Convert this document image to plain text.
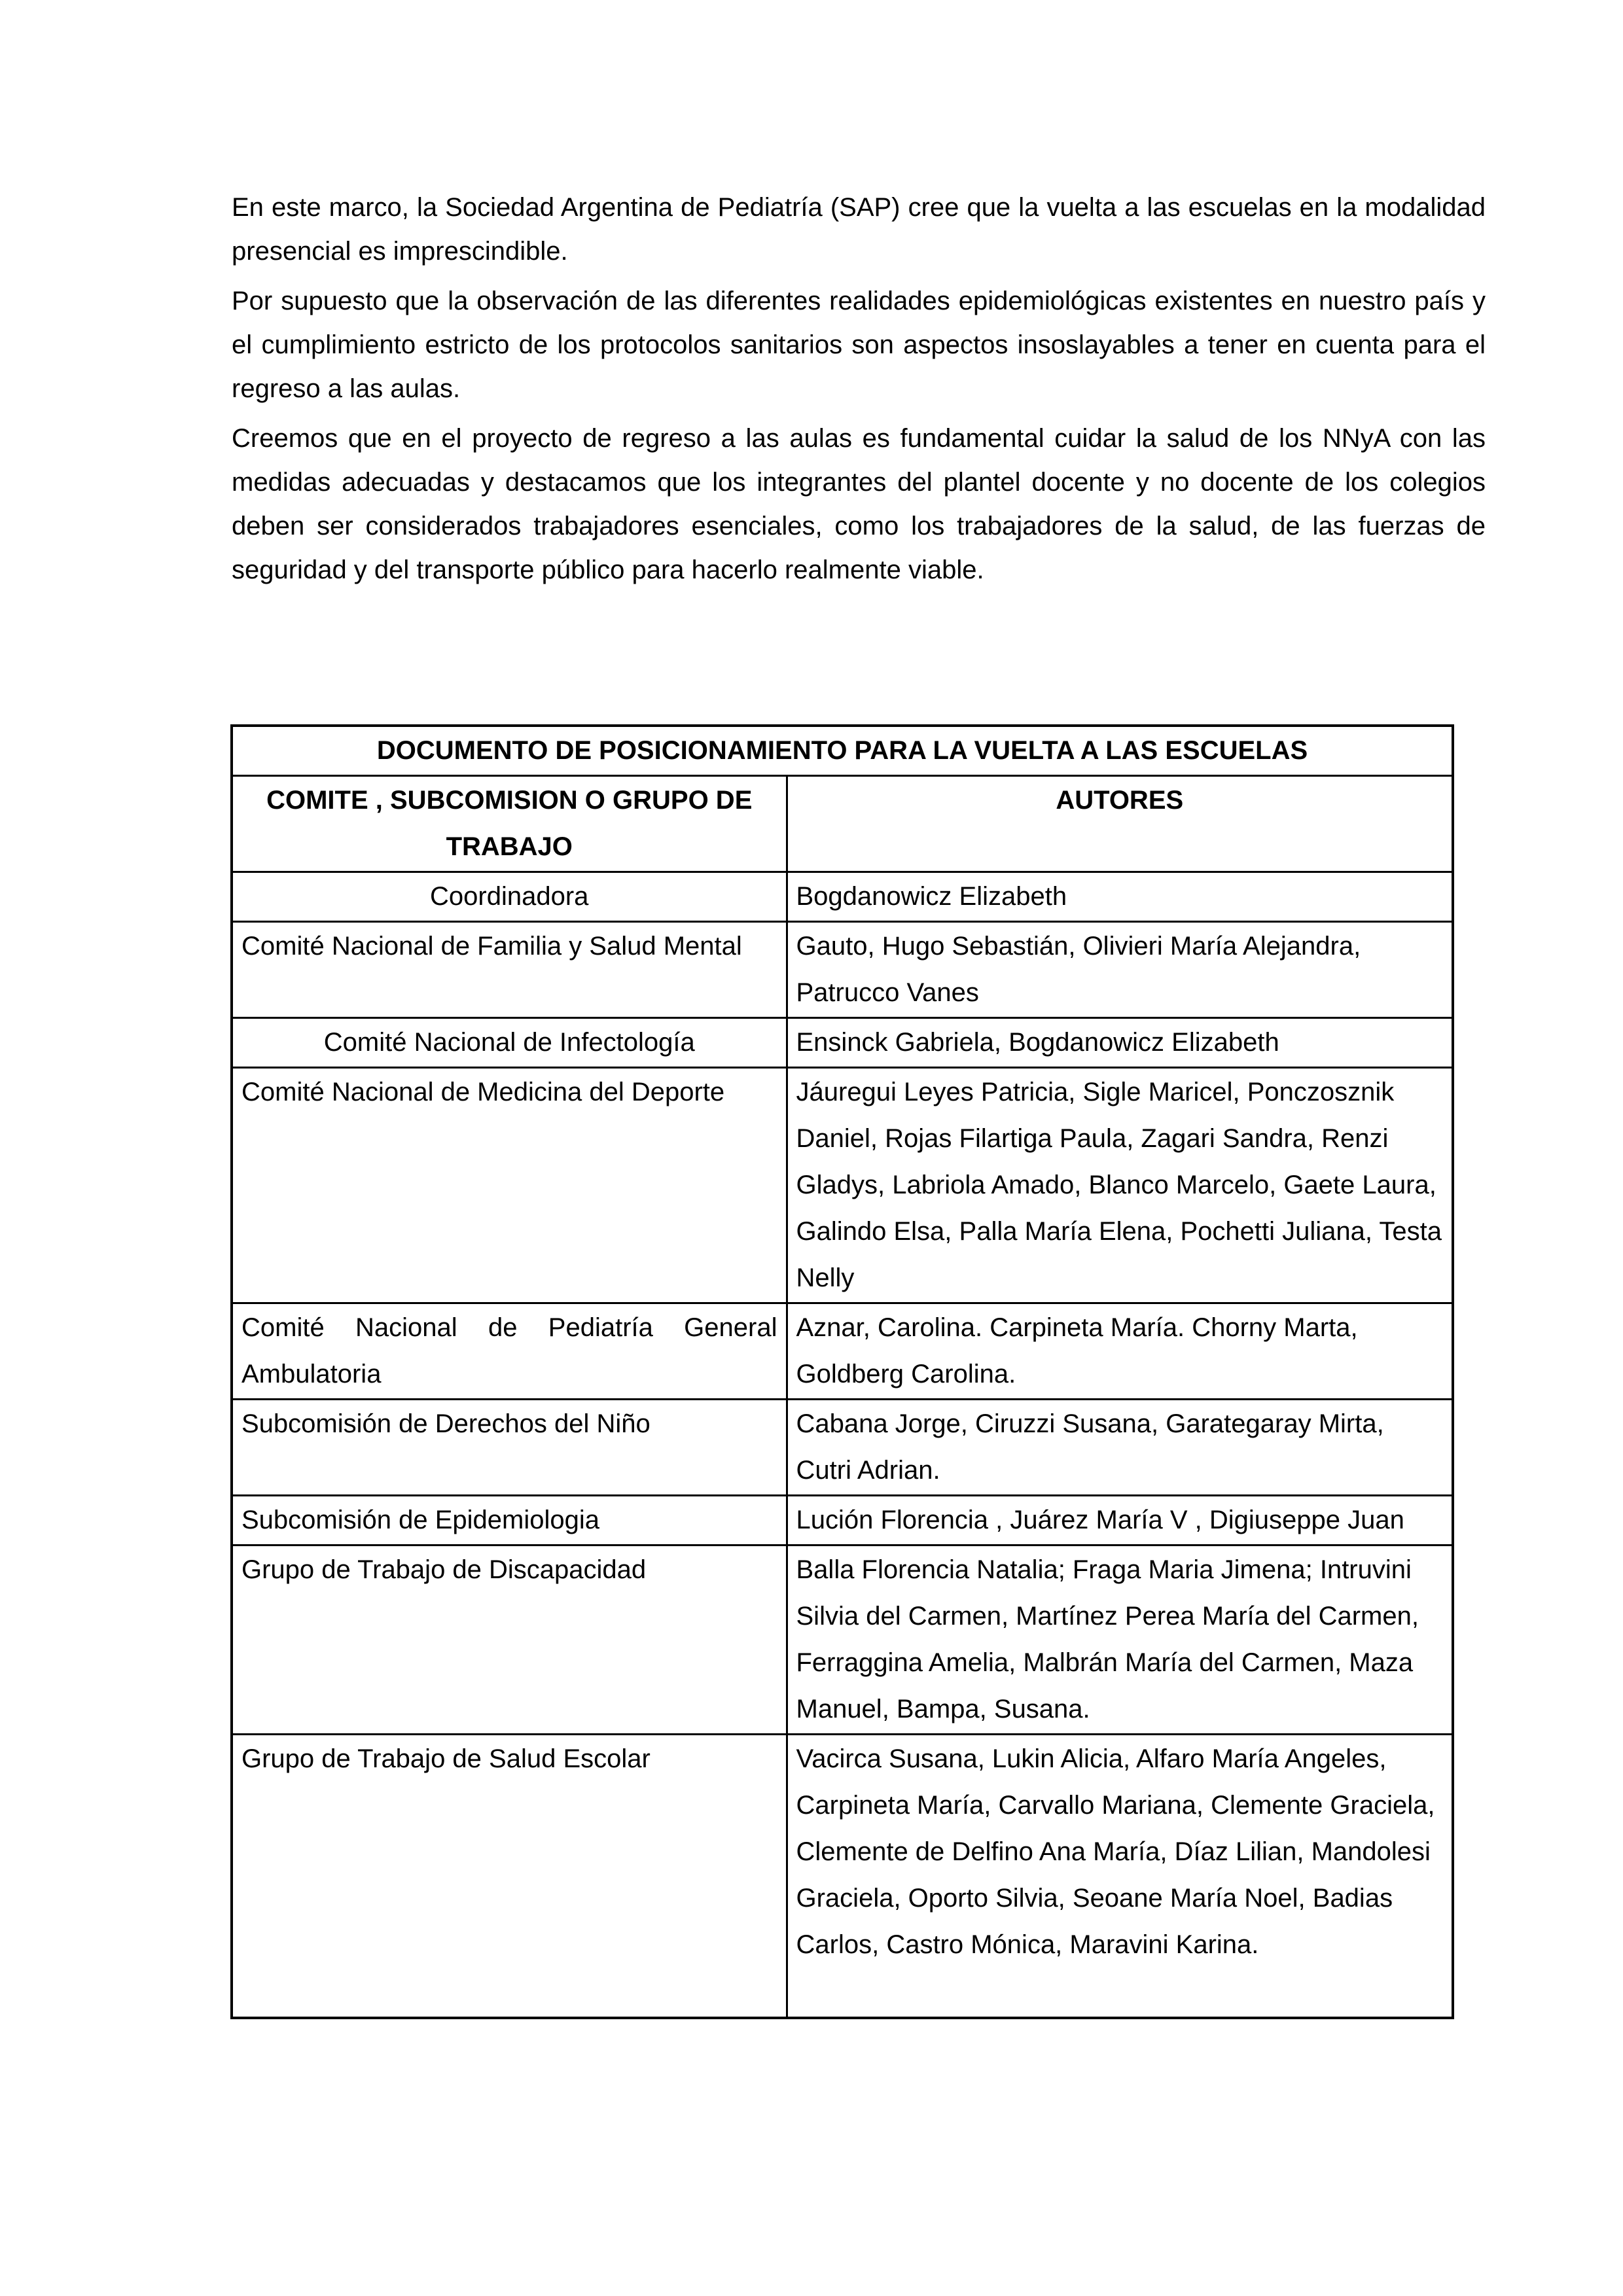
En este marco, la Sociedad Argentina de Pediatría (SAP) cree que la vuelta a las escuelas en la modalidad presencial es imprescindible.

Por supuesto que la observación de las diferentes realidades epidemiológicas existentes en nuestro país y el cumplimiento estricto de los protocolos sanitarios son aspectos insoslayables a tener en cuenta para el regreso a las aulas.

Creemos que en el proyecto de regreso a las aulas es fundamental cuidar la salud de los NNyA con las medidas adecuadas y destacamos que los integrantes del plantel docente y no docente de los colegios deben ser considerados trabajadores esenciales, como los trabajadores de la salud, de las fuerzas de seguridad y del transporte público para hacerlo realmente viable.

DOCUMENTO DE POSICIONAMIENTO PARA LA VUELTA A LAS ESCUELAS	
COMITE , SUBCOMISION O GRUPO DE TRABAJO	AUTORES
Coordinadora	Bogdanowicz Elizabeth
Comité Nacional de Familia y Salud Mental	Gauto, Hugo Sebastián, Olivieri María Alejandra, Patrucco Vanes
Comité Nacional de Infectología	Ensinck Gabriela, Bogdanowicz Elizabeth
Comité Nacional de Medicina del Deporte	Jáuregui Leyes Patricia, Sigle Maricel, Ponczosznik Daniel, Rojas Filartiga Paula, Zagari Sandra, Renzi Gladys, Labriola Amado, Blanco Marcelo, Gaete Laura, Galindo Elsa, Palla María Elena, Pochetti Juliana, Testa Nelly
Comité Nacional de Pediatría General Ambulatoria	Aznar, Carolina. Carpineta María. Chorny Marta, Goldberg Carolina.
Subcomisión de Derechos del Niño	Cabana Jorge, Ciruzzi Susana, Garategaray Mirta, Cutri Adrian.
Subcomisión de Epidemiologia	Lución Florencia , Juárez María V , Digiuseppe Juan
Grupo de Trabajo de Discapacidad	Balla Florencia Natalia; Fraga Maria Jimena; Intruvini Silvia del Carmen, Martínez Perea María del Carmen, Ferraggina Amelia, Malbrán María del Carmen, Maza Manuel, Bampa, Susana.
Grupo de Trabajo de Salud Escolar	Vacirca Susana, Lukin Alicia, Alfaro María Angeles, Carpineta María, Carvallo Mariana, Clemente Graciela, Clemente de Delfino Ana María, Díaz Lilian, Mandolesi Graciela, Oporto Silvia, Seoane María Noel, Badias Carlos, Castro Mónica, Maravini Karina.
